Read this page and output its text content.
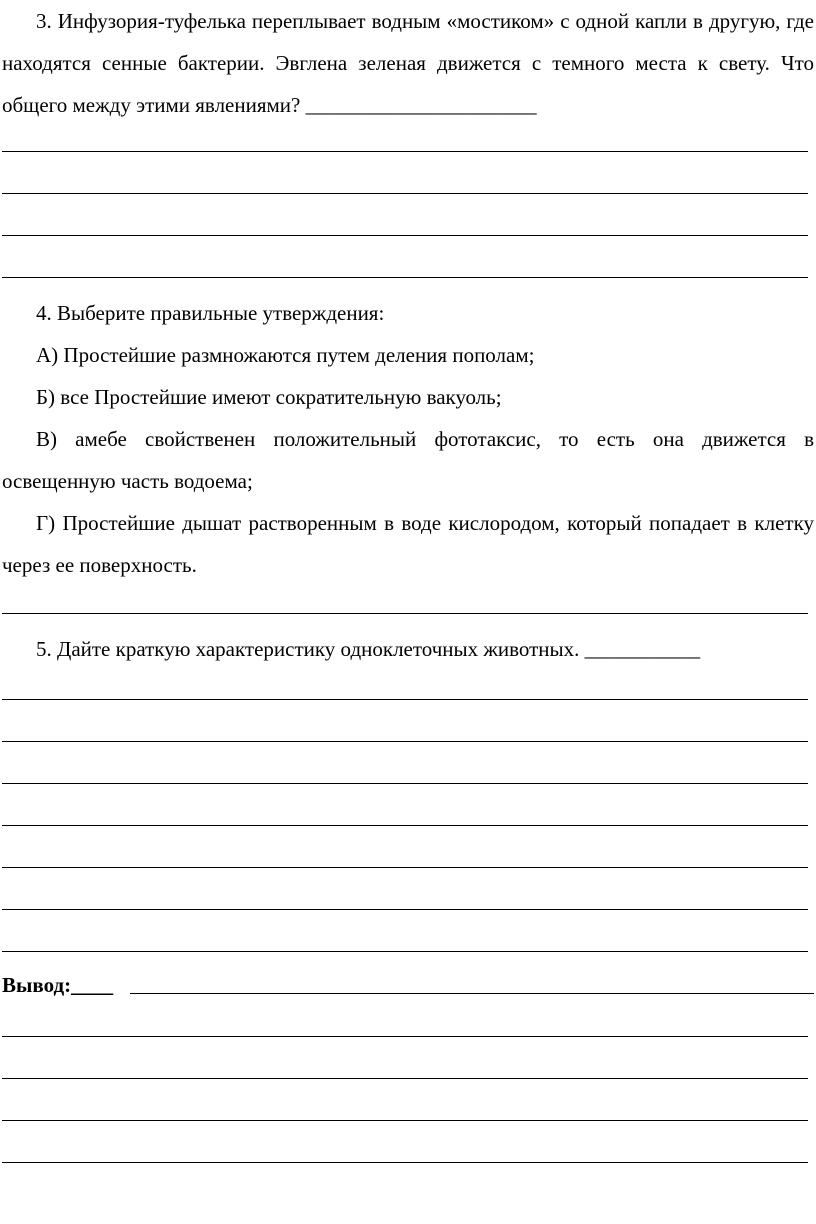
3. Инфузория-туфелька переплывает водным «мостиком» с одной капли в другую, где находятся сенные бактерии. Эвглена зеленая движется с темного места к свету. Что общего между этими явлениями? ______________________

4. Выберите правильные утверждения:

А) Простейшие размножаются путем деления пополам;

Б) все Простейшие имеют сократительную вакуоль;

В) амебе свойственен положительный фототаксис, то есть она движется в освещенную часть водоема;

Г) Простейшие дышат растворенным в воде кислородом, который попадает в клетку через ее поверхность.

5. Дайте краткую характеристику одноклеточных животных. ___________

Вывод:____
